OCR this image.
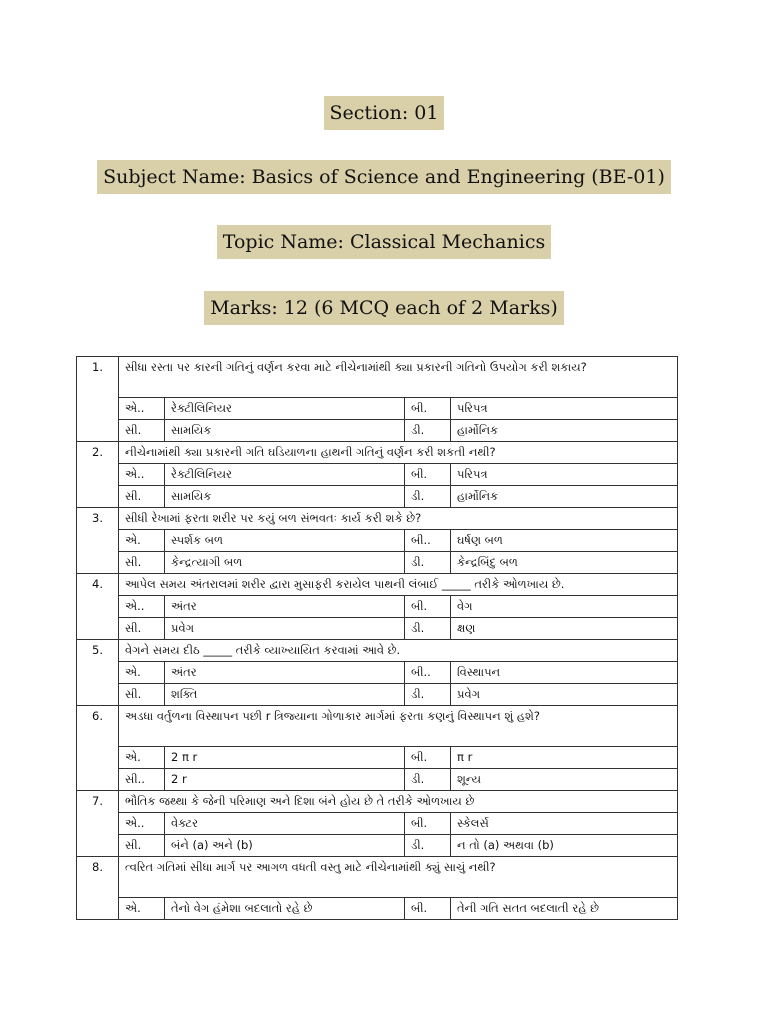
Section: 01
Subject Name: Basics of Science and Engineering (BE-01)
Topic Name: Classical Mechanics
Marks: 12 (6 MCQ each of 2 Marks)
1.	સીધા રસ્તા પર કારની ગતિનું વર્ણન કરવા માટે નીચેનામાંથી ક્યા પ્રકારની ગતિનો ઉપયોગ કરી શકાય?			
	એ..	રેક્ટીલિનિયર	બી.	પરિપત્ર
	સી.	સામયિક	ડી.	હાર્મોનિક
2.	નીચેનામાંથી ક્યા પ્રકારની ગતિ ઘડિયાળના હાથની ગતિનું વર્ણન કરી શકતી નથી?			
	એ..	રેક્ટીલિનિયર	બી.	પરિપત્ર
	સી.	સામયિક	ડી.	હાર્મોનિક
3.	સીધી રેખામાં ફરતા શરીર પર કયું બળ સંભવતઃ કાર્ય કરી શકે છે?			
	એ.	સ્પર્શક બળ	બી..	ઘર્ષણ બળ
	સી.	કેન્દ્રત્યાગી બળ	ડી.	કેન્દ્રબિંદુ બળ
4.	આપેલ સમય અંતરાલમાં શરીર દ્વારા મુસાફરી કરાયેલ પાથની લંબાઈ _____ તરીકે ઓળખાય છે.			
	એ..	અંતર	બી.	વેગ
	સી.	પ્રવેગ	ડી.	ક્ષણ
5.	વેગને સમય દીઠ _____ તરીકે વ્યાખ્યાયિત કરવામાં આવે છે.			
	એ.	અંતર	બી..	વિસ્થાપન
	સી.	શક્તિ	ડી.	પ્રવેગ
6.	અડધા વર્તુળના વિસ્થાપન પછી r ત્રિજ્યાના ગોળાકાર માર્ગમાં ફરતા કણનું વિસ્થાપન શું હશે?			
	એ.	2 π r	બી.	π r
	સી..	2 r	ડી.	શૂન્ય
7.	ભૌતિક જથ્થા કે જેની પરિમાણ અને દિશા બંને હોય છે તે તરીકે ઓળખાય છે			
	એ..	વેક્ટર	બી.	સ્કેલર્સ
	સી.	બંને (a) અને (b)	ડી.	ન તો (a) અથવા (b)
8.	ત્વરિત ગતિમાં સીધા માર્ગ પર આગળ વધતી વસ્તુ માટે નીચેનામાંથી ક્યું સાચું નથી?			
	એ.	તેનો વેગ હંમેશા બદલાતો રહે છે	બી.	તેની ગતિ સતત બદલાતી રહે છે
